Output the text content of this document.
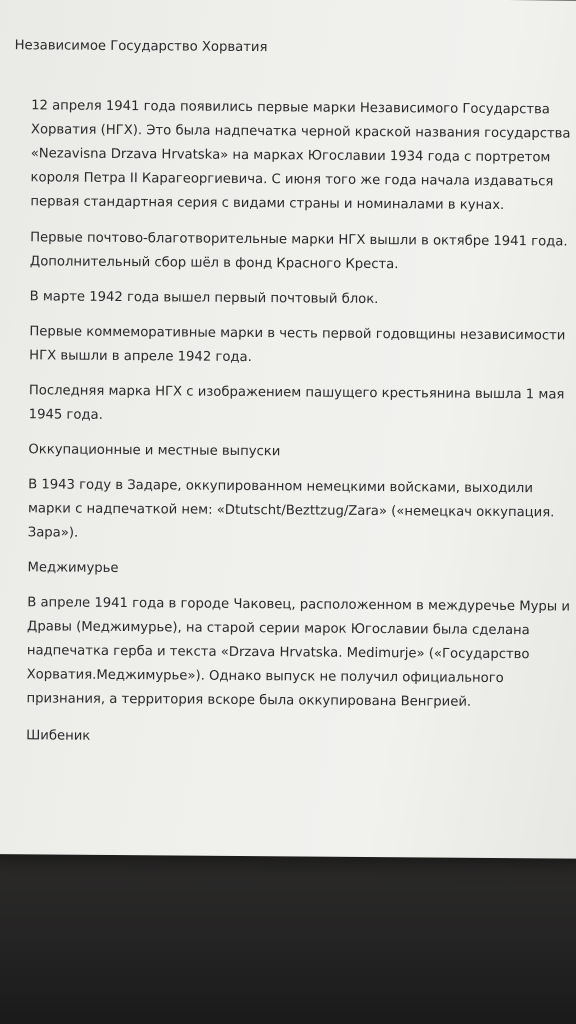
Независимое Государство Хорватия
12 апреля 1941 года появились первые марки Независимого Государства
Хорватия (НГХ). Это была надпечатка черной краской названия государства
«Nezavisna Drzava Hrvatska» на марках Югославии 1934 года с портретом
короля Петра II Карагеоргиевича. С июня того же года начала издаваться
первая стандартная серия с видами страны и номиналами в кунах.
Первые почтово-благотворительные марки НГХ вышли в октябре 1941 года.
Дополнительный сбор шёл в фонд Красного Креста.
В марте 1942 года вышел первый почтовый блок.
Первые коммеморативные марки в честь первой годовщины независимости
НГХ вышли в апреле 1942 года.
Последняя марка НГХ с изображением пашущего крестьянина вышла 1 мая
1945 года.
Оккупационные и местные выпуски
В 1943 году в Задаре, оккупированном немецкими войсками, выходили
марки с надпечаткой нем: «Dtutscht/Bezttzug/Zara» («немецкач оккупация.
Зара»).
Меджимурье
В апреле 1941 года в городе Чаковец, расположенном в междуречье Муры и
Дравы (Меджимурье), на старой серии марок Югославии была сделана
надпечатка герба и текста «Drzava Hrvatska. Medimurje» («Государство
Хорватия.Меджимурье»). Однако выпуск не получил официального
признания, а территория вскоре была оккупирована Венгрией.
Шибеник
